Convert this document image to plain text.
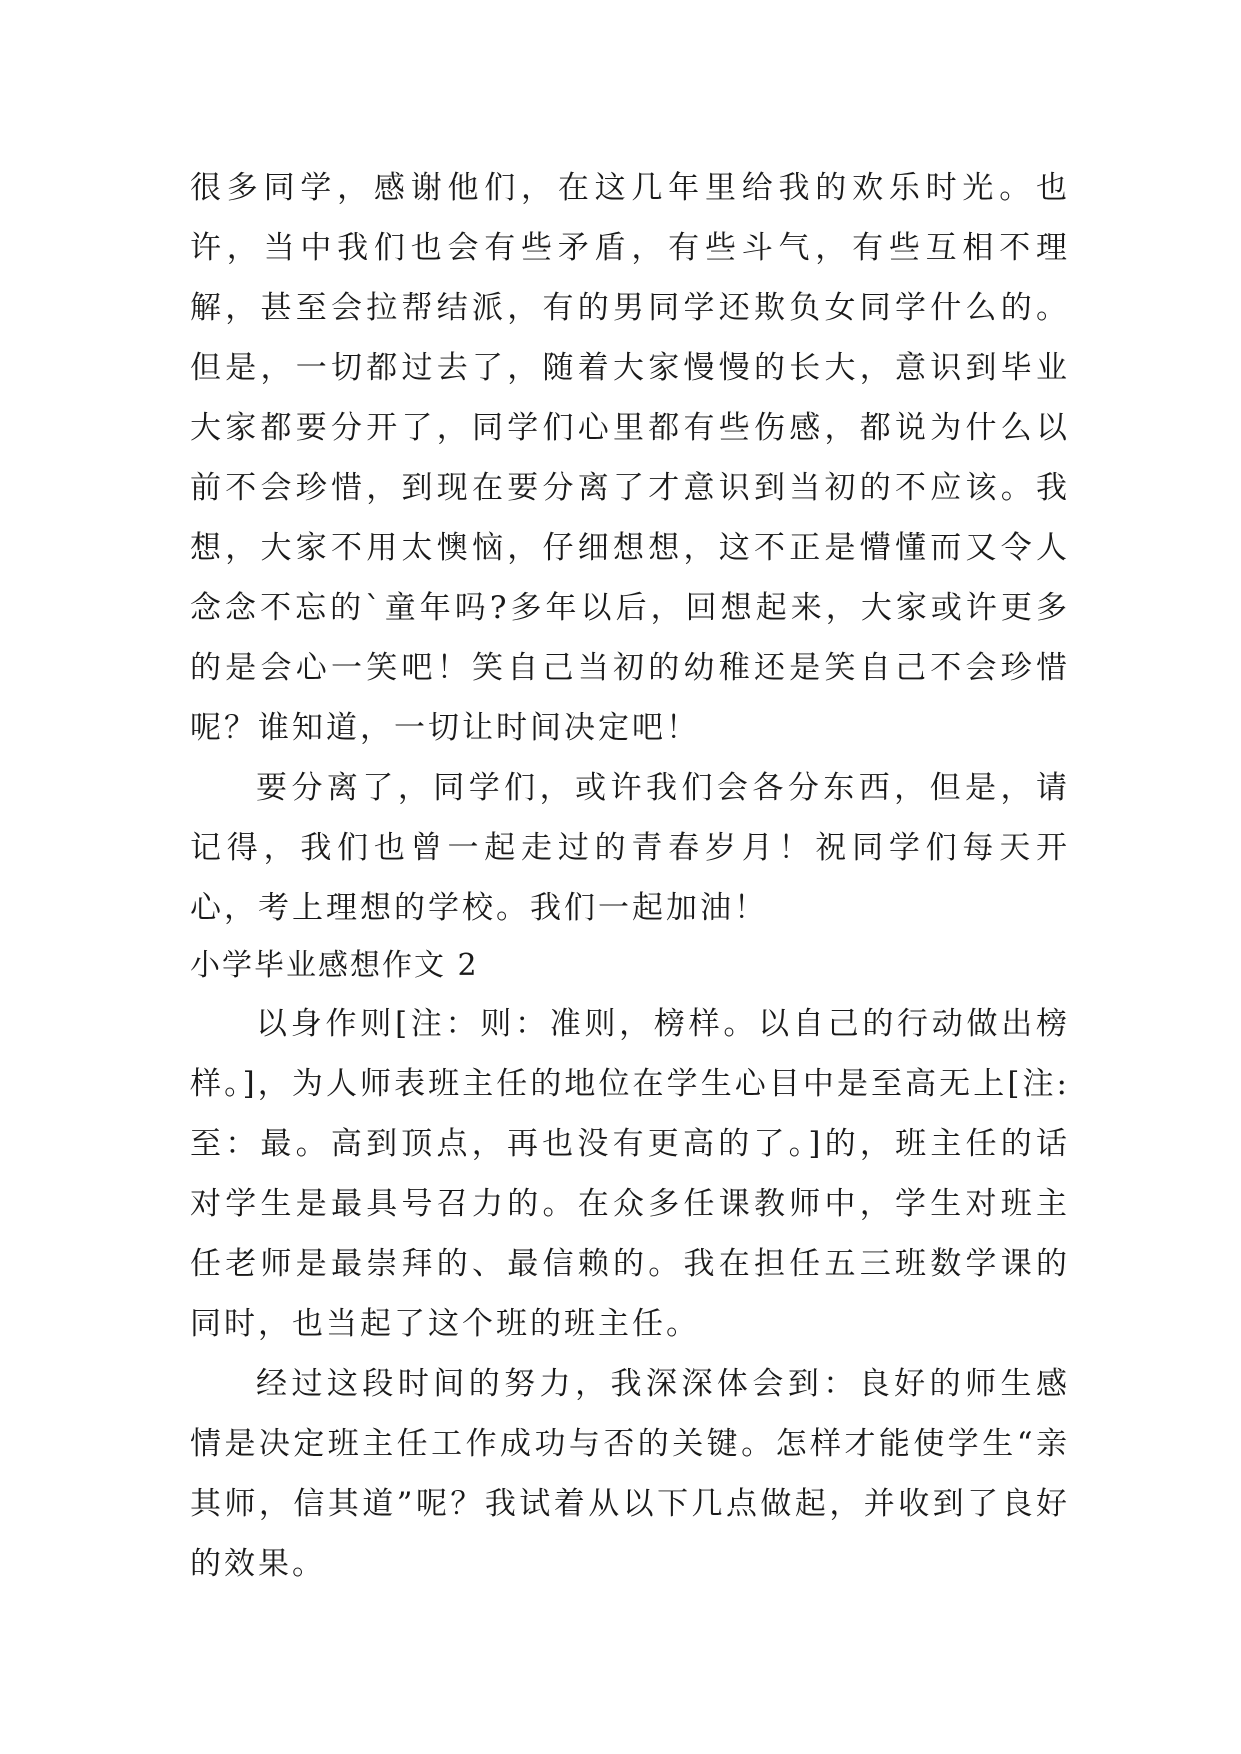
很多同学，感谢他们，在这几年里给我的欢乐时光。也许，当中我们也会有些矛盾，有些斗气，有些互相不理解，甚至会拉帮结派，有的男同学还欺负女同学什么的。但是，一切都过去了，随着大家慢慢的长大，意识到毕业大家都要分开了，同学们心里都有些伤感，都说为什么以前不会珍惜，到现在要分离了才意识到当初的不应该。我想，大家不用太懊恼，仔细想想，这不正是懵懂而又令人念念不忘的`童年吗?多年以后，回想起来，大家或许更多的是会心一笑吧！笑自己当初的幼稚还是笑自己不会珍惜呢？谁知道，一切让时间决定吧！

要分离了，同学们，或许我们会各分东西，但是，请记得，我们也曾一起走过的青春岁月！祝同学们每天开心，考上理想的学校。我们一起加油！

小学毕业感想作文 2

以身作则[注：则：准则，榜样。以自己的行动做出榜样。]，为人师表班主任的地位在学生心目中是至高无上[注:至：最。高到顶点，再也没有更高的了。]的，班主任的话对学生是最具号召力的。在众多任课教师中，学生对班主任老师是最崇拜的、最信赖的。我在担任五三班数学课的同时，也当起了这个班的班主任。

经过这段时间的努力，我深深体会到：良好的师生感情是决定班主任工作成功与否的关键。怎样才能使学生“亲其师，信其道”呢？我试着从以下几点做起，并收到了良好的效果。
